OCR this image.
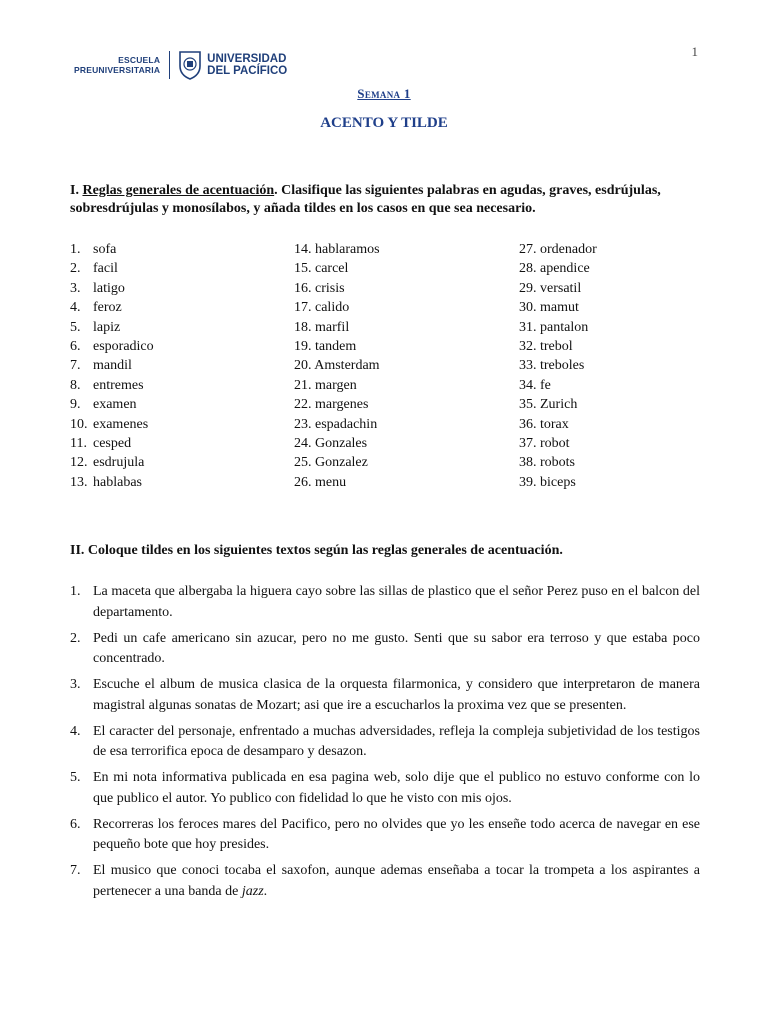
1
ESCUELA
PREUNIVERSITARIA
UNIVERSIDAD
DEL PACÍFICO
Semana 1
ACENTO Y TILDE
I. Reglas generales de acentuación. Clasifique las siguientes palabras en agudas, graves, esdrújulas, sobresdrújulas y monosílabos, y añada tildes en los casos en que sea necesario.
1. sofa
2. facil
3. latigo
4. feroz
5. lapiz
6. esporadico
7. mandil
8. entremes
9. examen
10. examenes
11. cesped
12. esdrujula
13. hablabas
14. hablaramos
15. carcel
16. crisis
17. calido
18. marfil
19. tandem
20. Amsterdam
21. margen
22. margenes
23. espadachin
24. Gonzales
25. Gonzalez
26. menu
27. ordenador
28. apendice
29. versatil
30. mamut
31. pantalon
32. trebol
33. treboles
34. fe
35. Zurich
36. torax
37. robot
38. robots
39. biceps
II. Coloque tildes en los siguientes textos según las reglas generales de acentuación.
1. La maceta que albergaba la higuera cayo sobre las sillas de plastico que el señor Perez puso en el balcon del departamento.
2. Pedi un cafe americano sin azucar, pero no me gusto. Senti que su sabor era terroso y que estaba poco concentrado.
3. Escuche el album de musica clasica de la orquesta filarmonica, y considero que interpretaron de manera magistral algunas sonatas de Mozart; asi que ire a escucharlos la proxima vez que se presenten.
4. El caracter del personaje, enfrentado a muchas adversidades, refleja la compleja subjetividad de los testigos de esa terrorifica epoca de desamparo y desazon.
5. En mi nota informativa publicada en esa pagina web, solo dije que el publico no estuvo conforme con lo que publico el autor. Yo publico con fidelidad lo que he visto con mis ojos.
6. Recorreras los feroces mares del Pacifico, pero no olvides que yo les enseñe todo acerca de navegar en ese pequeño bote que hoy presides.
7. El musico que conoci tocaba el saxofon, aunque ademas enseñaba a tocar la trompeta a los aspirantes a pertenecer a una banda de jazz.
